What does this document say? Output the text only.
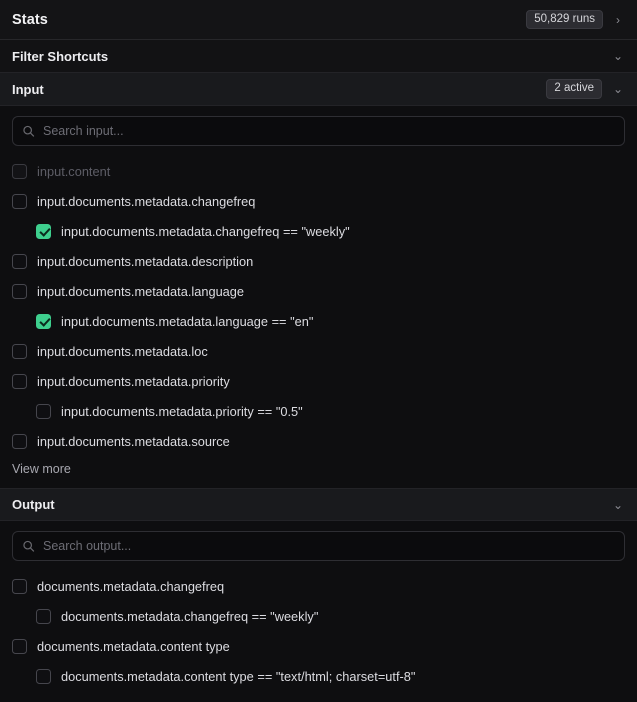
Stats	50,829 runs	›
Filter Shortcuts	⌄
Input	2 active	⌄
Search input...
input.content
input.documents.metadata.changefreq
input.documents.metadata.changefreq == "weekly"
input.documents.metadata.description
input.documents.metadata.language
input.documents.metadata.language == "en"
input.documents.metadata.loc
input.documents.metadata.priority
input.documents.metadata.priority == "0.5"
input.documents.metadata.source
View more
Output	⌄
Search output...
documents.metadata.changefreq
documents.metadata.changefreq == "weekly"
documents.metadata.content type
documents.metadata.content type == "text/html; charset=utf-8"
